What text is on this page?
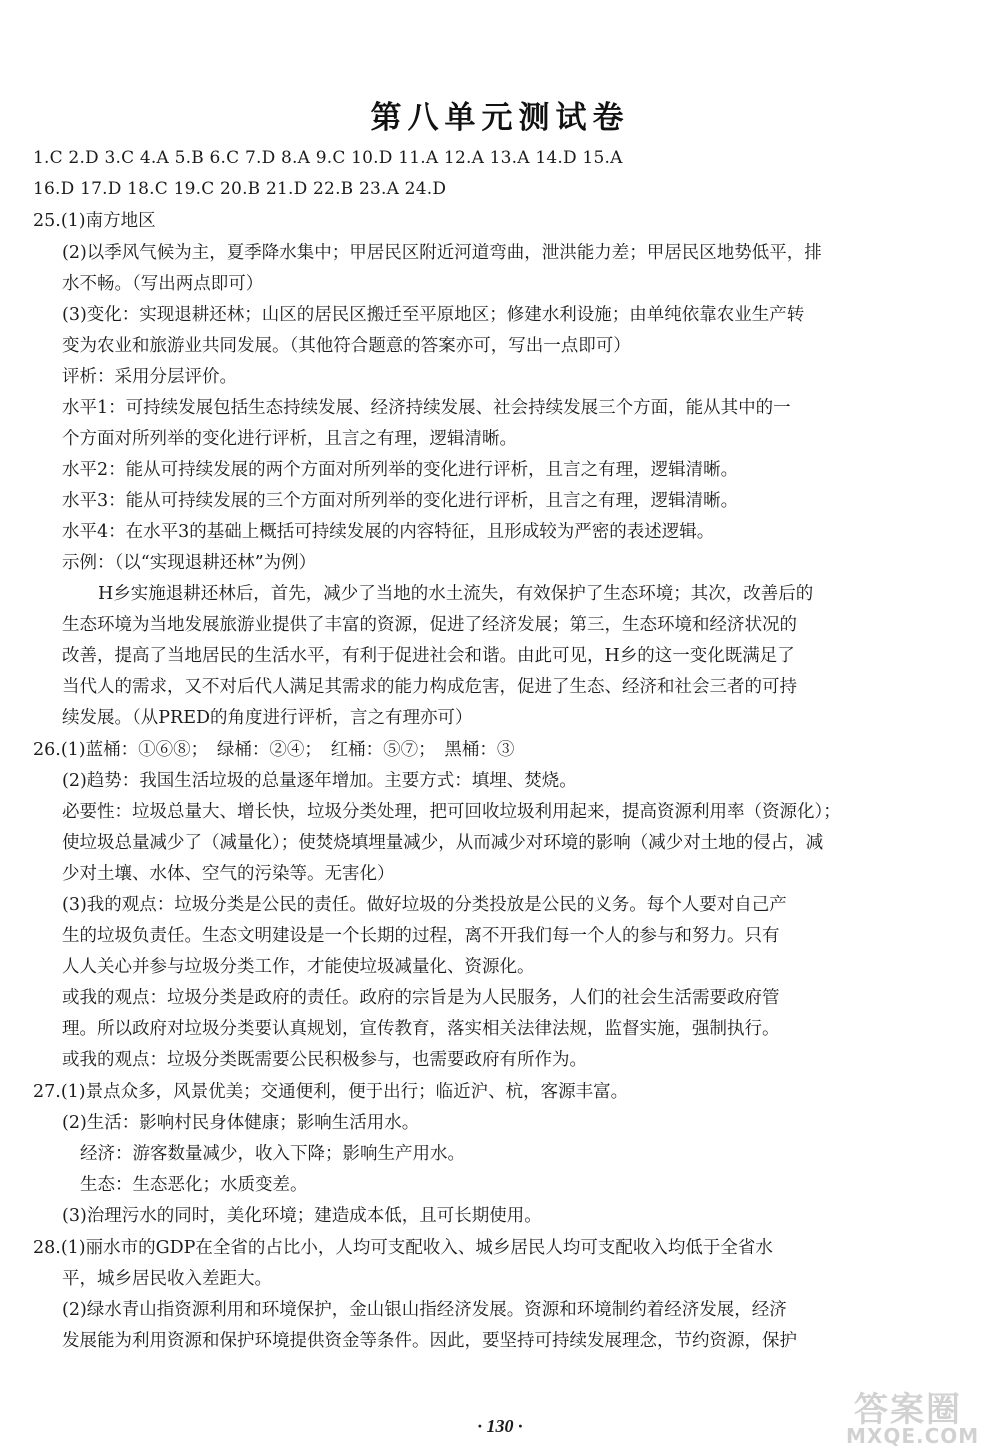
第八单元测试卷
1.C 2.D 3.C 4.A 5.B 6.C 7.D 8.A 9.C 10.D 11.A 12.A 13.A 14.D 15.A
16.D 17.D 18.C 19.C 20.B 21.D 22.B 23.A 24.D
25.(1)南方地区
(2)以季风气候为主，夏季降水集中；甲居民区附近河道弯曲，泄洪能力差；甲居民区地势低平，排
水不畅。（写出两点即可）
(3)变化：实现退耕还林；山区的居民区搬迁至平原地区；修建水利设施；由单纯依靠农业生产转
变为农业和旅游业共同发展。（其他符合题意的答案亦可，写出一点即可）
评析：采用分层评价。
水平1：可持续发展包括生态持续发展、经济持续发展、社会持续发展三个方面，能从其中的一
个方面对所列举的变化进行评析，且言之有理，逻辑清晰。
水平2：能从可持续发展的两个方面对所列举的变化进行评析，且言之有理，逻辑清晰。
水平3：能从可持续发展的三个方面对所列举的变化进行评析，且言之有理，逻辑清晰。
水平4：在水平3的基础上概括可持续发展的内容特征，且形成较为严密的表述逻辑。
示例：（以“实现退耕还林”为例）
H乡实施退耕还林后，首先，减少了当地的水土流失，有效保护了生态环境；其次，改善后的
生态环境为当地发展旅游业提供了丰富的资源，促进了经济发展；第三，生态环境和经济状况的
改善，提高了当地居民的生活水平，有利于促进社会和谐。由此可见，H乡的这一变化既满足了
当代人的需求，又不对后代人满足其需求的能力构成危害，促进了生态、经济和社会三者的可持
续发展。（从PRED的角度进行评析，言之有理亦可）
26.(1)蓝桶：①⑥⑧；　绿桶：②④；　红桶：⑤⑦；　黑桶：③
(2)趋势：我国生活垃圾的总量逐年增加。主要方式：填埋、焚烧。
必要性：垃圾总量大、增长快，垃圾分类处理，把可回收垃圾利用起来，提高资源利用率（资源化）；
使垃圾总量减少了（减量化）；使焚烧填埋量减少，从而减少对环境的影响（减少对土地的侵占，减
少对土壤、水体、空气的污染等。无害化）
(3)我的观点：垃圾分类是公民的责任。做好垃圾的分类投放是公民的义务。每个人要对自己产
生的垃圾负责任。生态文明建设是一个长期的过程，离不开我们每一个人的参与和努力。只有
人人关心并参与垃圾分类工作，才能使垃圾减量化、资源化。
或我的观点：垃圾分类是政府的责任。政府的宗旨是为人民服务，人们的社会生活需要政府管
理。所以政府对垃圾分类要认真规划，宣传教育，落实相关法律法规，监督实施，强制执行。
或我的观点：垃圾分类既需要公民积极参与，也需要政府有所作为。
27.(1)景点众多，风景优美；交通便利，便于出行；临近沪、杭，客源丰富。
(2)生活：影响村民身体健康；影响生活用水。
经济：游客数量减少，收入下降；影响生产用水。
生态：生态恶化；水质变差。
(3)治理污水的同时，美化环境；建造成本低，且可长期使用。
28.(1)丽水市的GDP在全省的占比小，人均可支配收入、城乡居民人均可支配收入均低于全省水
平，城乡居民收入差距大。
(2)绿水青山指资源利用和环境保护，金山银山指经济发展。资源和环境制约着经济发展，经济
发展能为利用资源和保护环境提供资金等条件。因此，要坚持可持续发展理念，节约资源，保护
· 130 ·	答案圈
MXQE.COM
